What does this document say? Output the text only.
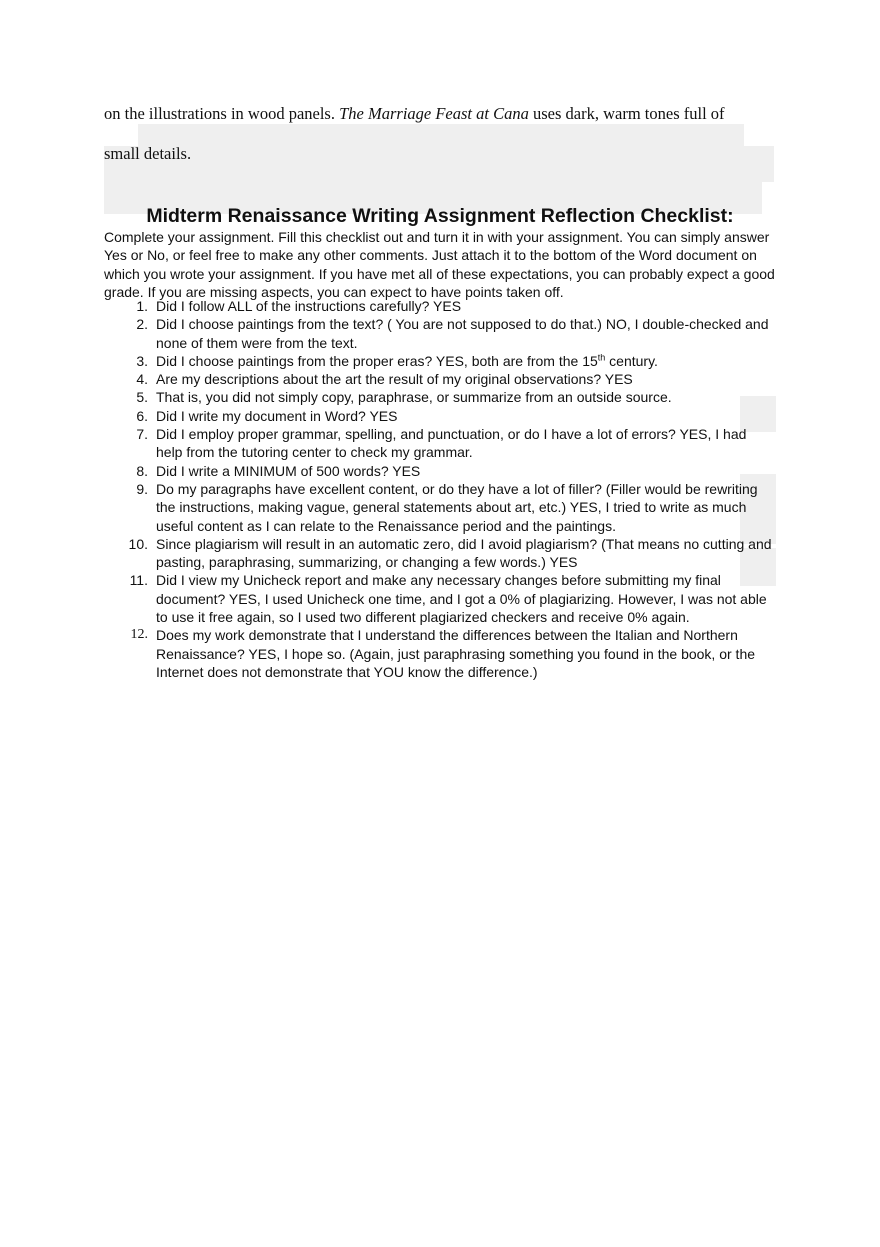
on the illustrations in wood panels. The Marriage Feast at Cana uses dark, warm tones full of
small details.
Midterm Renaissance Writing Assignment Reflection Checklist:
Complete your assignment. Fill this checklist out and turn it in with your assignment. You can simply answer Yes or No, or feel free to make any other comments. Just attach it to the bottom of the Word document on which you wrote your assignment. If you have met all of these expectations, you can probably expect a good grade. If you are missing aspects, you can expect to have points taken off.
1. Did I follow ALL of the instructions carefully? YES
2. Did I choose paintings from the text? ( You are not supposed to do that.) NO, I double-checked and none of them were from the text.
3. Did I choose paintings from the proper eras? YES, both are from the 15th century.
4. Are my descriptions about the art the result of my original observations? YES
5. That is, you did not simply copy, paraphrase, or summarize from an outside source.
6. Did I write my document in Word? YES
7. Did I employ proper grammar, spelling, and punctuation, or do I have a lot of errors? YES, I had help from the tutoring center to check my grammar.
8. Did I write a MINIMUM of 500 words? YES
9. Do my paragraphs have excellent content, or do they have a lot of filler? (Filler would be rewriting the instructions, making vague, general statements about art, etc.) YES, I tried to write as much useful content as I can relate to the Renaissance period and the paintings.
10. Since plagiarism will result in an automatic zero, did I avoid plagiarism? (That means no cutting and pasting, paraphrasing, summarizing, or changing a few words.) YES
11. Did I view my Unicheck report and make any necessary changes before submitting my final document? YES, I used Unicheck one time, and I got a 0% of plagiarizing. However, I was not able to use it free again, so I used two different plagiarized checkers and receive 0% again.
12. Does my work demonstrate that I understand the differences between the Italian and Northern Renaissance? YES, I hope so. (Again, just paraphrasing something you found in the book, or the Internet does not demonstrate that YOU know the difference.)
